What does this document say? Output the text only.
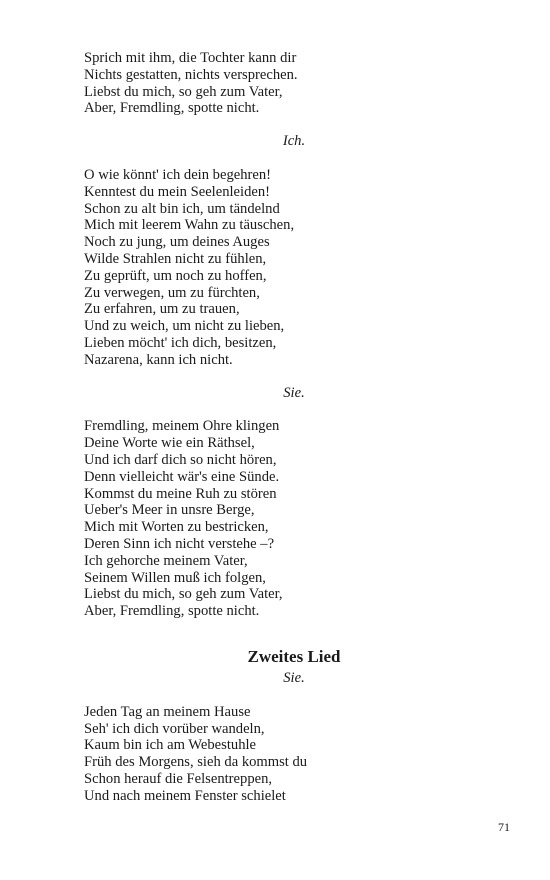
Sprich mit ihm, die Tochter kann dir
Nichts gestatten, nichts versprechen.
Liebst du mich, so geh zum Vater,
Aber, Fremdling, spotte nicht.
Ich.
O wie könnt' ich dein begehren!
Kenntest du mein Seelenleiden!
Schon zu alt bin ich, um tändelnd
Mich mit leerem Wahn zu täuschen,
Noch zu jung, um deines Auges
Wilde Strahlen nicht zu fühlen,
Zu geprüft, um noch zu hoffen,
Zu verwegen, um zu fürchten,
Zu erfahren, um zu trauen,
Und zu weich, um nicht zu lieben,
Lieben möcht' ich dich, besitzen,
Nazarena, kann ich nicht.
Sie.
Fremdling, meinem Ohre klingen
Deine Worte wie ein Räthsel,
Und ich darf dich so nicht hören,
Denn vielleicht wär's eine Sünde.
Kommst du meine Ruh zu stören
Ueber's Meer in unsre Berge,
Mich mit Worten zu bestricken,
Deren Sinn ich nicht verstehe –?
Ich gehorche meinem Vater,
Seinem Willen muß ich folgen,
Liebst du mich, so geh zum Vater,
Aber, Fremdling, spotte nicht.
Zweites Lied
Sie.
Jeden Tag an meinem Hause
Seh' ich dich vorüber wandeln,
Kaum bin ich am Webestuhle
Früh des Morgens, sieh da kommst du
Schon herauf die Felsentreppen,
Und nach meinem Fenster schielet
71
